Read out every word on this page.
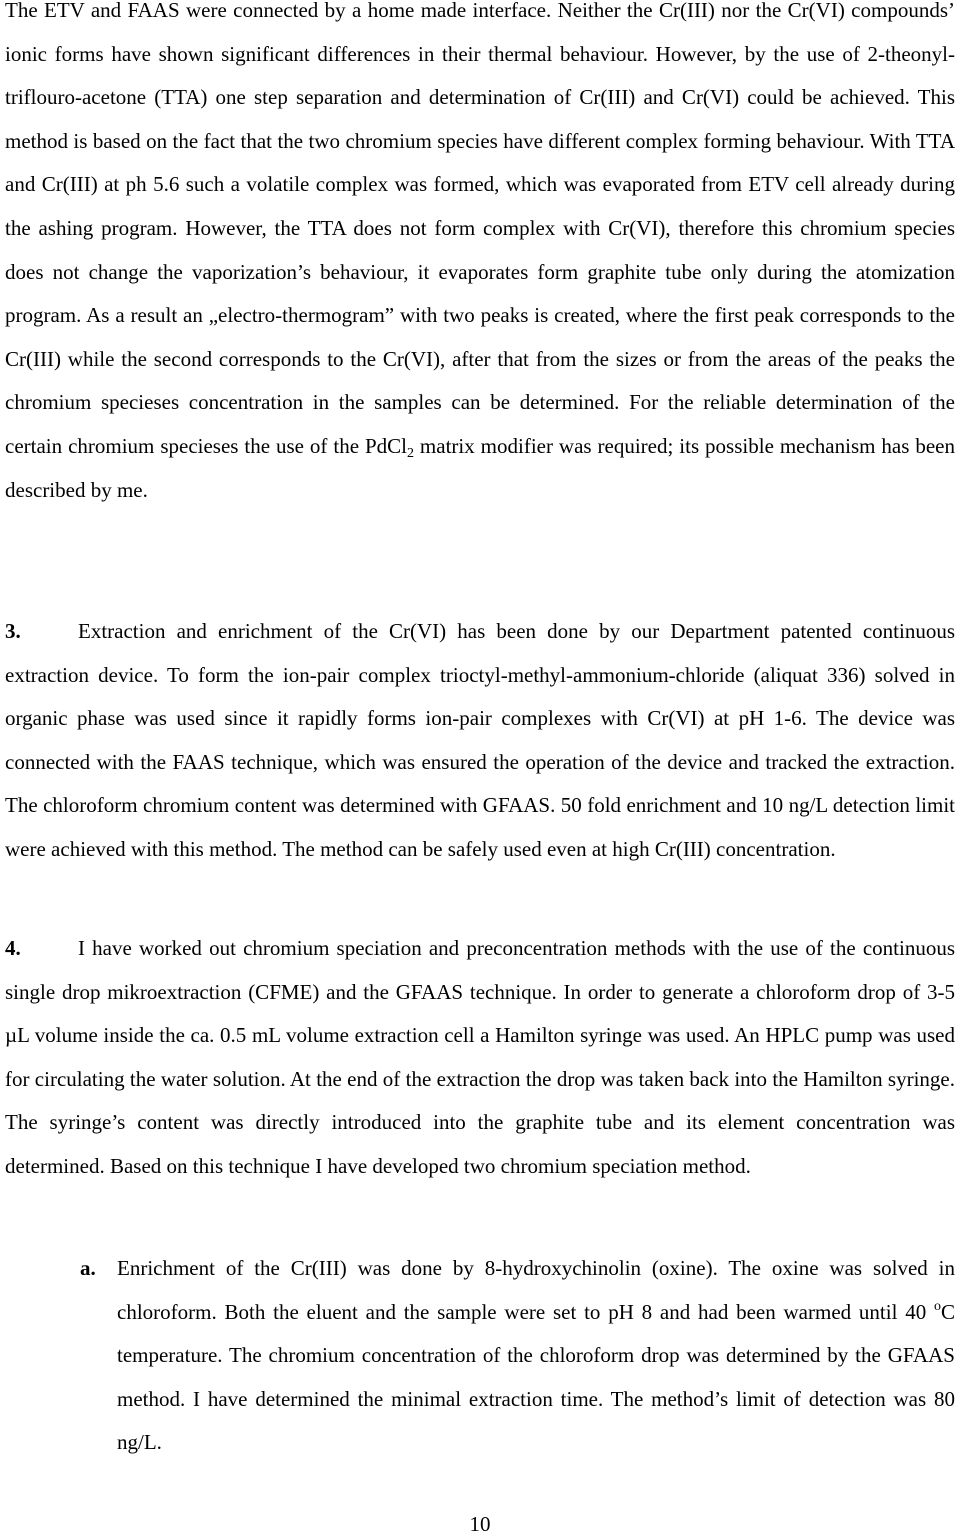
The ETV and FAAS were connected by a home made interface. Neither the Cr(III) nor the Cr(VI) compounds’ ionic forms have shown significant differences in their thermal behaviour. However, by the use of 2-theonyl-triflouro-acetone (TTA) one step separation and determination of Cr(III) and Cr(VI) could be achieved. This method is based on the fact that the two chromium species have different complex forming behaviour. With TTA and Cr(III) at ph 5.6 such a volatile complex was formed, which was evaporated from ETV cell already during the ashing program. However, the TTA does not form complex with Cr(VI), therefore this chromium species does not change the vaporization’s behaviour, it evaporates form graphite tube only during the atomization program. As a result an „electro-thermogram” with two peaks is created, where the first peak corresponds to the Cr(III) while the second corresponds to the Cr(VI), after that from the sizes or from the areas of the peaks the chromium specieses concentration in the samples can be determined. For the reliable determination of the certain chromium specieses the use of the PdCl$_2$ matrix modifier was required; its possible mechanism has been described by me.

3.	Extraction and enrichment of the Cr(VI) has been done by our Department patented continuous extraction device. To form the ion-pair complex trioctyl-methyl-ammonium-chloride (aliquat 336) solved in organic phase was used since it rapidly forms ion-pair complexes with Cr(VI) at pH 1-6. The device was connected with the FAAS technique, which was ensured the operation of the device and tracked the extraction. The chloroform chromium content was determined with GFAAS. 50 fold enrichment and 10 ng/L detection limit were achieved with this method. The method can be safely used even at high Cr(III) concentration.

4.	I have worked out chromium speciation and preconcentration methods with the use of the continuous single drop mikroextraction (CFME) and the GFAAS technique. In order to generate a chloroform drop of 3-5 µL volume inside the ca. 0.5 mL volume extraction cell a Hamilton syringe was used. An HPLC pump was used for circulating the water solution. At the end of the extraction the drop was taken back into the Hamilton syringe. The syringe’s content was directly introduced into the graphite tube and its element concentration was determined. Based on this technique I have developed two chromium speciation method.

a. Enrichment of the Cr(III) was done by 8-hydroxychinolin (oxine). The oxine was solved in chloroform. Both the eluent and the sample were set to pH 8 and had been warmed until 40 $^o$C temperature. The chromium concentration of the chloroform drop was determined by the GFAAS method. I have determined the minimal extraction time. The method’s limit of detection was 80 ng/L.

10
